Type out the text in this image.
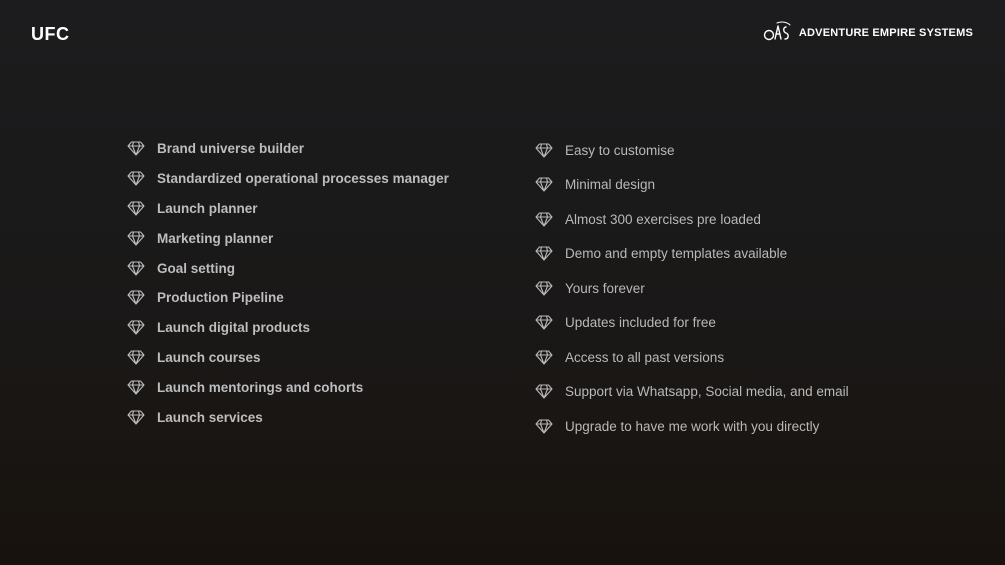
UFC	ADVENTURE EMPIRE SYSTEMS
Brand universe builder
Standardized operational processes manager
Launch planner
Marketing planner
Goal setting
Production Pipeline
Launch digital products
Launch courses
Launch mentorings and cohorts
Launch services
Easy to customise
Minimal design
Almost 300 exercises pre loaded
Demo and empty templates available
Yours forever
Updates included for free
Access to all past versions
Support via Whatsapp, Social media, and email
Upgrade to have me work with you directly
